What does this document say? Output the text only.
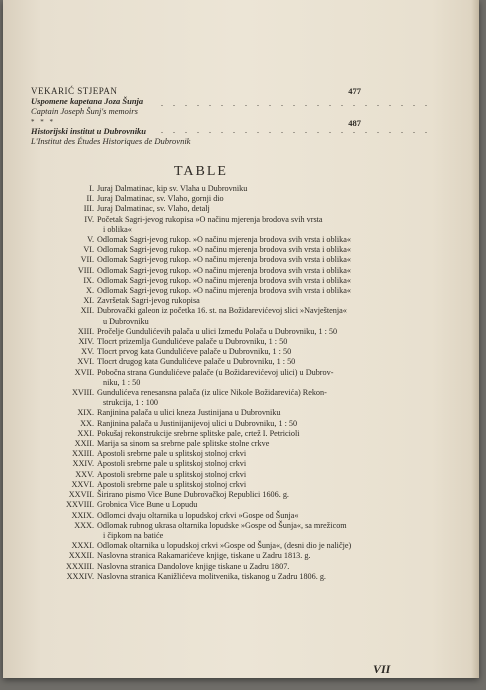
VEKARIĆ STJEPAN
Uspomene kapetana Joza Šunja
Captain Joseph Šunj's memoirs
. . . . . . . . . . . . . . . . . . . . . . .
477
* * *
Historijski institut u Dubrovniku
L'Institut des Études Historiques de Dubrovnik
. . . . . . . . . . . . . . . . . . . . . . .
487
TABLE
I. Juraj Dalmatinac, kip sv. Vlaha u Dubrovniku
II. Juraj Dalmatinac, sv. Vlaho, gornji dio
III. Juraj Dalmatinac, sv. Vlaho, detalj
IV. Početak Sagri-jevog rukopisa »O načinu mjerenja brodova svih vrsta
i oblika«
V. Odlomak Sagri-jevog rukop. »O načinu mjerenja brodova svih vrsta i oblika«
VI. Odlomak Sagri-jevog rukop. »O načinu mjerenja brodova svih vrsta i oblika«
VII. Odlomak Sagri-jevog rukop. »O načinu mjerenja brodova svih vrsta i oblika«
VIII. Odlomak Sagri-jevog rukop. »O načinu mjerenja brodova svih vrsta i oblika«
IX. Odlomak Sagri-jevog rukop. »O načinu mjerenja brodova svih vrsta i oblika«
X. Odlomak Sagri-jevog rukop. »O načinu mjerenja brodova svih vrsta i oblika«
XI. Završetak Sagri-jevog rukopisa
XII. Dubrovački galeon iz početka 16. st. na Božidarevićevoj slici »Navještenja«
u Dubrovniku
XIII. Pročelje Gundulićevih palača u ulici Između Polača u Dubrovniku, 1 : 50
XIV. Tlocrt prizemlja Gundulićeve palače u Dubrovniku, 1 : 50
XV. Tlocrt prvog kata Gundulićeve palače u Dubrovniku, 1 : 50
XVI. Tlocrt drugog kata Gundulićeve palače u Dubrovniku, 1 : 50
XVII. Pobočna strana Gundulićeve palače (u Božidarevićevoj ulici) u Dubrov-
niku, 1 : 50
XVIII. Gundulićeva renesansna palača (iz ulice Nikole Božidarevića) Rekon-
strukcija, 1 : 100
XIX. Ranjinina palača u ulici kneza Justinijana u Dubrovniku
XX. Ranjinina palača u Justinijanijevoj ulici u Dubrovniku, 1 : 50
XXI. Pokušaj rekonstrukcije srebrne splitske pale, crtež I. Petricioli
XXII. Marija sa sinom sa srebrne pale splitske stolne crkve
XXIII. Apostoli srebrne pale u splitskoj stolnoj crkvi
XXIV. Apostoli srebrne pale u splitskoj stolnoj crkvi
XXV. Apostoli srebrne pale u splitskoj stolnoj crkvi
XXVI. Apostoli srebrne pale u splitskoj stolnoj crkvi
XXVII. Širirano pismo Vice Bune Dubrovačkoj Republici 1606. g.
XXVIII. Grobnica Vice Bune u Lopudu
XXIX. Odlomci dvaju oltarnika u lopudskoj crkvi »Gospe od Šunja«
XXX. Odlomak rubnog ukrasa oltarnika lopudske »Gospe od Šunja«, sa mrežicom
i čipkom na batiće
XXXI. Odlomak oltarnika u lopudskoj crkvi »Gospe od Šunja«, (desni dio je naličje)
XXXII. Naslovna stranica Rakamarićeve knjige, tiskane u Zadru 1813. g.
XXXIII. Naslovna stranica Dandolove knjige tiskane u Zadru 1807.
XXXIV. Naslovna stranica Kanižlićeva molitvenika, tiskanog u Zadru 1806. g.
VII
